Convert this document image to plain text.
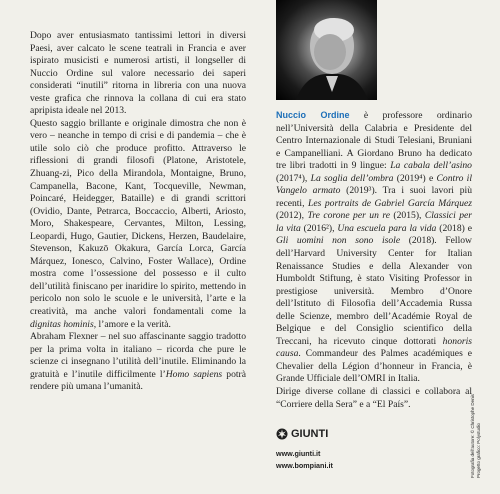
Dopo aver entusiasmato tantissimi lettori in diversi Paesi, aver calcato le scene teatrali in Francia e aver ispirato musicisti e numerosi artisti, il longseller di Nuccio Ordine sul valore necessario dei saperi considerati “inutili” ritorna in libreria con una nuova veste grafica che rinnova la collana di cui era stato apripista ideale nel 2013.

Questo saggio brillante e originale dimostra che non è vero – neanche in tempo di crisi e di pandemia – che è utile solo ciò che produce profitto. Attraverso le riflessioni di grandi filosofi (Platone, Aristotele, Zhuang-zi, Pico della Mirandola, Montaigne, Bruno, Campanella, Bacone, Kant, Tocqueville, Newman, Poincaré, Heidegger, Bataille) e di grandi scrittori (Ovidio, Dante, Petrarca, Boccaccio, Alberti, Ariosto, Moro, Shakespeare, Cervantes, Milton, Lessing, Leopardi, Hugo, Gautier, Dickens, Herzen, Baudelaire, Stevenson, Kakuzō Okakura, García Lorca, García Márquez, Ionesco, Calvino, Foster Wallace), Ordine mostra come l’ossessione del possesso e il culto dell’utilità finiscano per inaridire lo spirito, mettendo in pericolo non solo le scuole e le università, l’arte e la creatività, ma anche valori fondamentali come la dignitas hominis, l’amore e la verità.

Abraham Flexner – nel suo affascinante saggio tradotto per la prima volta in italiano – ricorda che pure le scienze ci insegnano l’utilità dell’inutile. Eliminando la gratuità e l’inutile difficilmente l’Homo sapiens potrà rendere più umana l’umanità.

Nuccio Ordine è professore ordinario nell’Università della Calabria e Presidente del Centro Internazionale di Studi Telesiani, Bruniani e Campanelliani. A Giordano Bruno ha dedicato tre libri tradotti in 9 lingue: La cabala dell’asino (2017⁴), La soglia dell’ombra (2019⁴) e Contro il Vangelo armato (2019³). Tra i suoi lavori più recenti, Les portraits de Gabriel García Márquez (2012), Tre corone per un re (2015), Classici per la vita (2016²), Una escuela para la vida (2018) e Gli uomini non sono isole (2018). Fellow dell’Harvard University Center for Italian Renaissance Studies e della Alexander von Humboldt Stiftung, è stato Visiting Professor in prestigiose università. Membro d’Onore dell’Istituto di Filosofia dell’Accademia Russa delle Scienze, membro dell’Académie Royal de Belgique e del Consiglio scientifico della Treccani, ha ricevuto cinque dottorati honoris causa. Commandeur des Palmes académiques e Chevalier della Légion d’honneur in Francia, è Grande Ufficiale dell’OMRI in Italia.

Dirige diverse collane di classici e collabora al “Corriere della Sera” e a “El País”.

GIUNTI
www.giunti.it
www.bompiani.it	Fotografia dell’autore: © Christophe Denis Progetto grafico: Polystudio
